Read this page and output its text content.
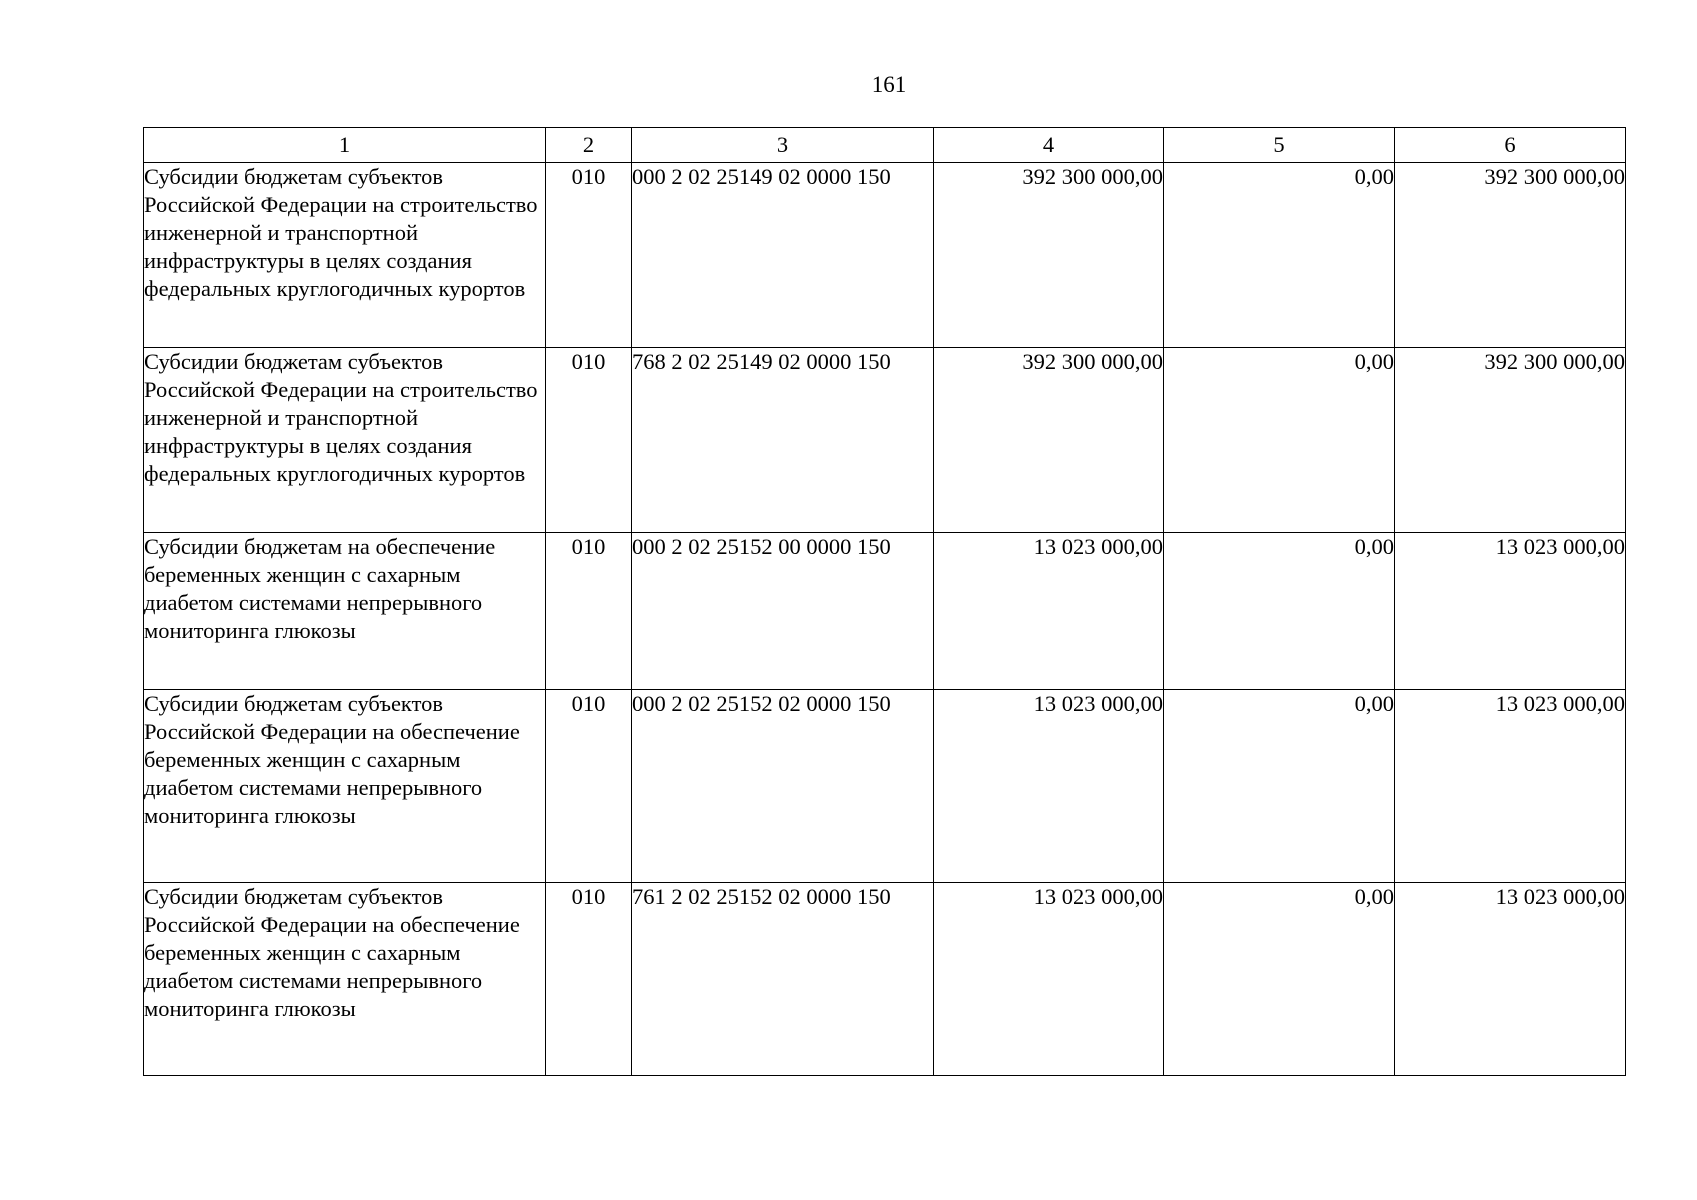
161
1	2	3	4	5	6
Субсидии бюджетам субъектов Российской Федерации на строительство инженерной и транспортной инфраструктуры в целях создания федеральных круглогодичных курортов	010	000 2 02 25149 02 0000 150	392 300 000,00	0,00	392 300 000,00
Субсидии бюджетам субъектов Российской Федерации на строительство инженерной и транспортной инфраструктуры в целях создания федеральных круглогодичных курортов	010	768 2 02 25149 02 0000 150	392 300 000,00	0,00	392 300 000,00
Субсидии бюджетам на обеспечение беременных женщин с сахарным диабетом системами непрерывного мониторинга глюкозы	010	000 2 02 25152 00 0000 150	13 023 000,00	0,00	13 023 000,00
Субсидии бюджетам субъектов Российской Федерации на обеспечение беременных женщин с сахарным диабетом системами непрерывного мониторинга глюкозы	010	000 2 02 25152 02 0000 150	13 023 000,00	0,00	13 023 000,00
Субсидии бюджетам субъектов Российской Федерации на обеспечение беременных женщин с сахарным диабетом системами непрерывного мониторинга глюкозы	010	761 2 02 25152 02 0000 150	13 023 000,00	0,00	13 023 000,00
